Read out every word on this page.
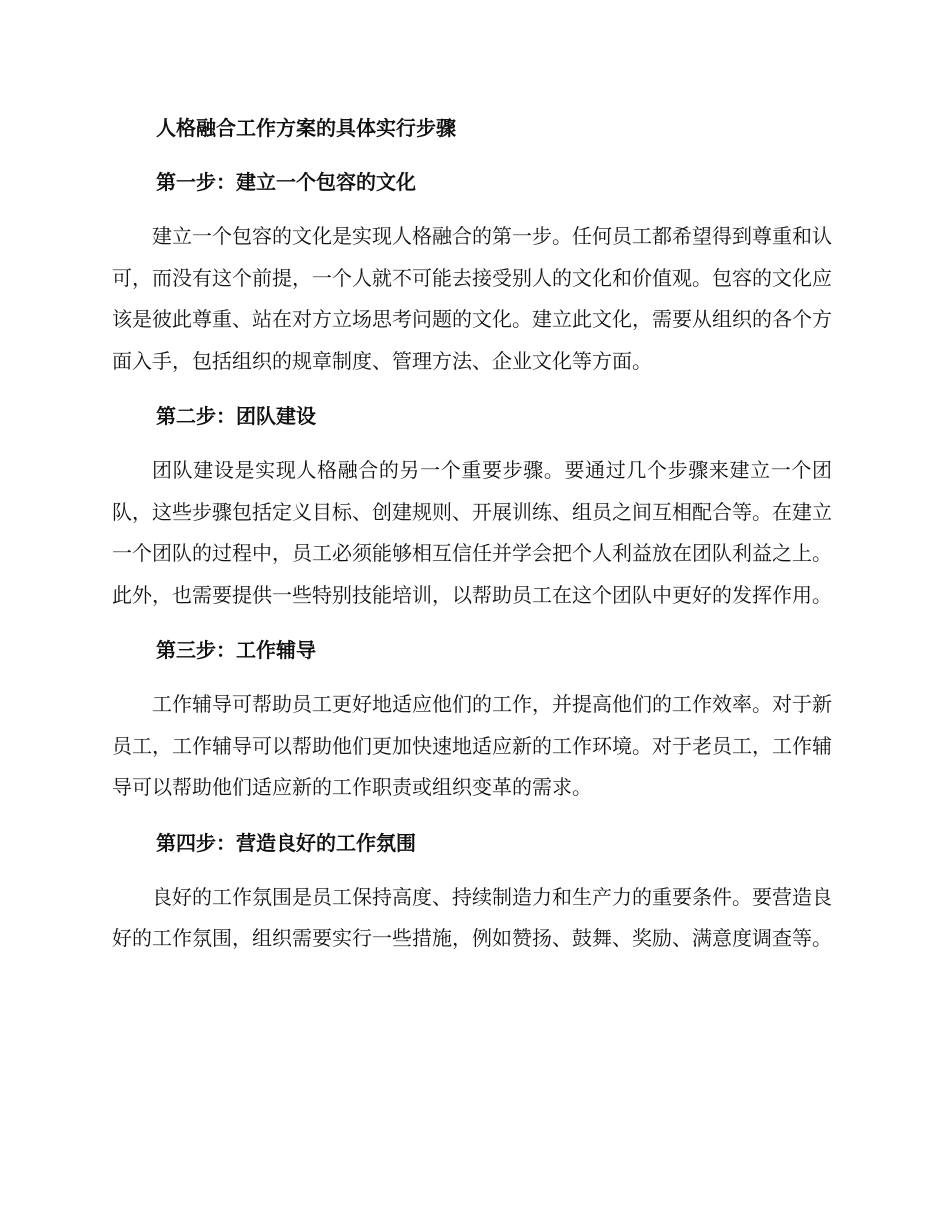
人格融合工作方案的具体实行步骤
第一步：建立一个包容的文化

建立一个包容的文化是实现人格融合的第一步。任何员工都希望得到尊重和认可，而没有这个前提，一个人就不可能去接受别人的文化和价值观。包容的文化应该是彼此尊重、站在对方立场思考问题的文化。建立此文化，需要从组织的各个方面入手，包括组织的规章制度、管理方法、企业文化等方面。

第二步：团队建设

团队建设是实现人格融合的另一个重要步骤。要通过几个步骤来建立一个团队，这些步骤包括定义目标、创建规则、开展训练、组员之间互相配合等。在建立一个团队的过程中，员工必须能够相互信任并学会把个人利益放在团队利益之上。此外，也需要提供一些特别技能培训，以帮助员工在这个团队中更好的发挥作用。

第三步：工作辅导

工作辅导可帮助员工更好地适应他们的工作，并提高他们的工作效率。对于新员工，工作辅导可以帮助他们更加快速地适应新的工作环境。对于老员工，工作辅导可以帮助他们适应新的工作职责或组织变革的需求。

第四步：营造良好的工作氛围

良好的工作氛围是员工保持高度、持续制造力和生产力的重要条件。要营造良好的工作氛围，组织需要实行一些措施，例如赞扬、鼓舞、奖励、满意度调查等。
